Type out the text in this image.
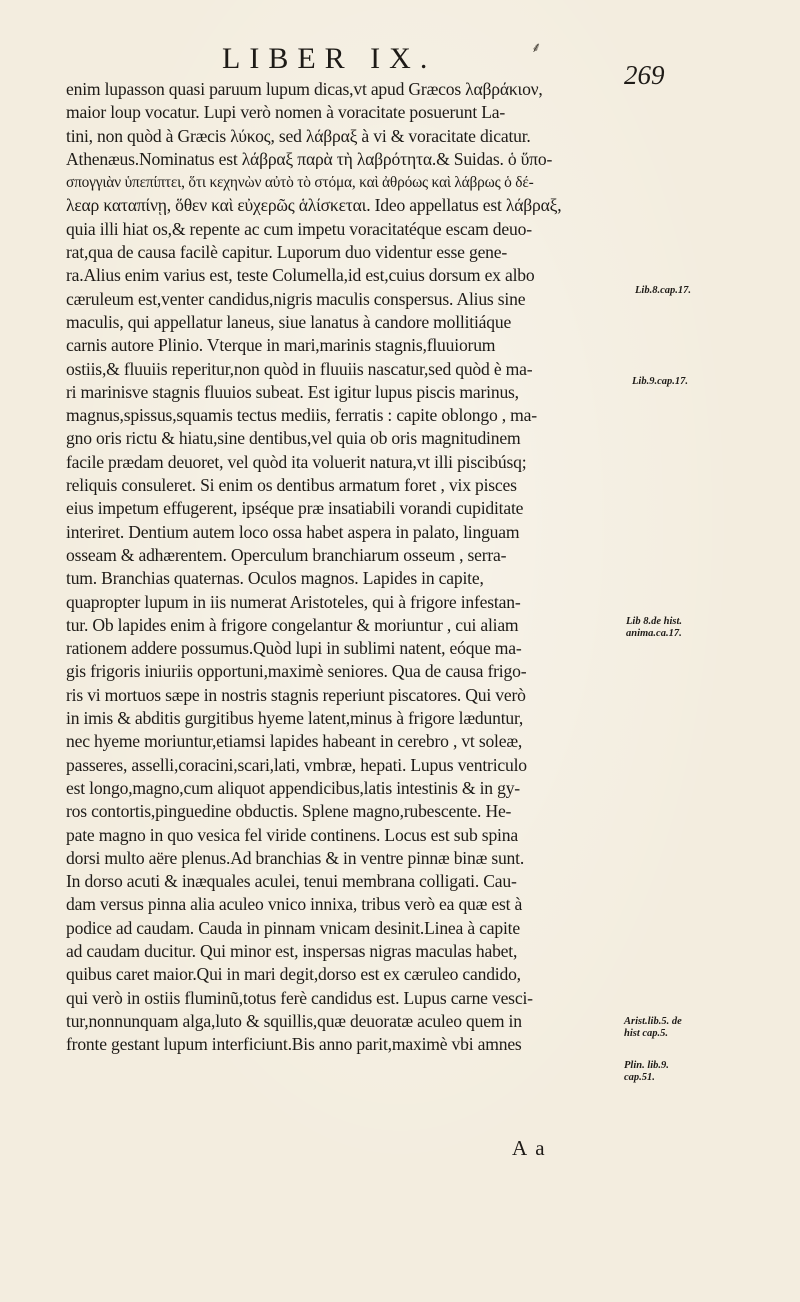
LIBER IX.	269
⸙
enim lupasson quasi paruum lupum dicas,vt apud Græcos λαβράκιον,
maior loup vocatur. Lupi verò nomen à voracitate posuerunt La-
tini, non quòd à Græcis λύκος, sed λάβραξ à vi & voracitate dicatur.
Athenæus.Nominatus est λάβραξ παρὰ τὴ λαβρότητα.& Suidas. ὁ ὕπο-
σπογγιὰν ὑπεπίπτει, ὅτι κεχηνὼν αὐτὸ τὸ στόμα, καὶ ἀθρόως καὶ λάβρως ὁ δέ-
λεαρ καταπίνῃ, ὅθεν καὶ εὐχερῶς ἁλίσκεται. Ideo appellatus est λάβραξ,
quia illi hiat os,& repente ac cum impetu voracitatéque escam deuo-
rat,qua de causa facilè capitur. Luporum duo videntur esse gene-
ra.Alius enim varius est, teste Columella,id est,cuius dorsum ex albo
cæruleum est,venter candidus,nigris maculis conspersus. Alius sine
maculis, qui appellatur laneus, siue lanatus à candore mollitiáque
carnis autore Plinio. Vterque in mari,marinis stagnis,fluuiorum
ostiis,& fluuiis reperitur,non quòd in fluuiis nascatur,sed quòd è ma-
ri marinisve stagnis fluuios subeat. Est igitur lupus piscis marinus,
magnus,spissus,squamis tectus mediis, ferratis : capite oblongo , ma-
gno oris rictu & hiatu,sine dentibus,vel quia ob oris magnitudinem
facile prædam deuoret, vel quòd ita voluerit natura,vt illi piscibúsq;
reliquis consuleret. Si enim os dentibus armatum foret , vix pisces
eius impetum effugerent, ipséque præ insatiabili vorandi cupiditate
interiret. Dentium autem loco ossa habet aspera in palato, linguam
osseam & adhærentem. Operculum branchiarum osseum , serra-
tum. Branchias quaternas. Oculos magnos. Lapides in capite,
quapropter lupum in iis numerat Aristoteles, qui à frigore infestan-
tur. Ob lapides enim à frigore congelantur & moriuntur , cui aliam
rationem addere possumus.Quòd lupi in sublimi natent, eóque ma-
gis frigoris iniuriis opportuni,maximè seniores. Qua de causa frigo-
ris vi mortuos sæpe in nostris stagnis reperiunt piscatores. Qui verò
in imis & abditis gurgitibus hyeme latent,minus à frigore læduntur,
nec hyeme moriuntur,etiamsi lapides habeant in cerebro , vt soleæ,
passeres, asselli,coracini,scari,lati, vmbræ, hepati. Lupus ventriculo
est longo,magno,cum aliquot appendicibus,latis intestinis & in gy-
ros contortis,pinguedine obductis. Splene magno,rubescente. He-
pate magno in quo vesica fel viride continens. Locus est sub spina
dorsi multo aëre plenus.Ad branchias & in ventre pinnæ binæ sunt.
In dorso acuti & inæquales aculei, tenui membrana colligati. Cau-
dam versus pinna alia aculeo vnico innixa, tribus verò ea quæ est à
podice ad caudam. Cauda in pinnam vnicam desinit.Linea à capite
ad caudam ducitur. Qui minor est, inspersas nigras maculas habet,
quibus caret maior.Qui in mari degit,dorso est ex cæruleo candido,
qui verò in ostiis fluminũ,totus ferè candidus est. Lupus carne vesci-
tur,nonnunquam alga,luto & squillis,quæ deuoratæ aculeo quem in
fronte gestant lupum interficiunt.Bis anno parit,maximè vbi amnes
Lib.8.cap.17.
Lib.9.cap.17.
Lib 8.de hist. anima.ca.17.
Arist.lib.5. de hist cap.5.
Plin. lib.9. cap.51.
A a
